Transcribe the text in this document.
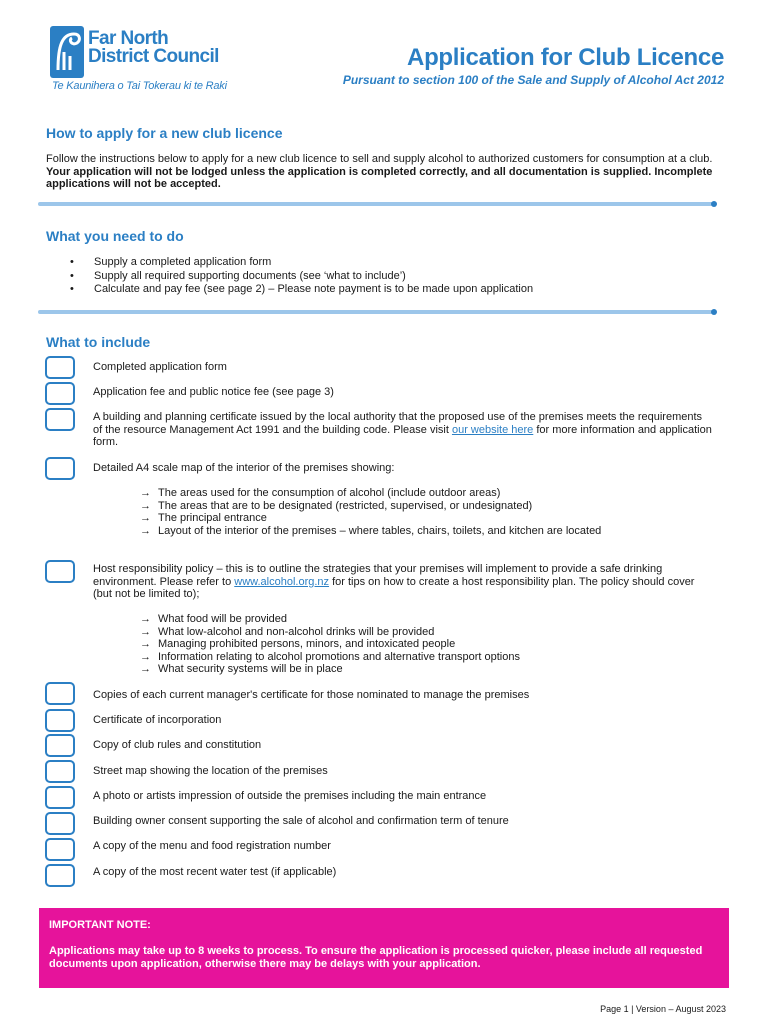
Far North
District Council
Te Kaunihera o Tai Tokerau ki te Raki
Application for Club Licence
Pursuant to section 100 of the Sale and Supply of Alcohol Act 2012
How to apply for a new club licence
Follow the instructions below to apply for a new club licence to sell and supply alcohol to authorized customers for consumption at a club. Your application will not be lodged unless the application is completed correctly, and all documentation is supplied. Incomplete applications will not be accepted.
What you need to do
• Supply a completed application form
• Supply all required supporting documents (see ‘what to include’)
• Calculate and pay fee (see page 2) – Please note payment is to be made upon application
What to include
Completed application form
Application fee and public notice fee (see page 3)
A building and planning certificate issued by the local authority that the proposed use of the premises meets the requirements of the resource Management Act 1991 and the building code. Please visit our website here for more information and application form.
Detailed A4 scale map of the interior of the premises showing:
→ The areas used for the consumption of alcohol (include outdoor areas)
→ The areas that are to be designated (restricted, supervised, or undesignated)
→ The principal entrance
→ Layout of the interior of the premises – where tables, chairs, toilets, and kitchen are located
Host responsibility policy – this is to outline the strategies that your premises will implement to provide a safe drinking environment. Please refer to www.alcohol.org.nz for tips on how to create a host responsibility plan. The policy should cover (but not be limited to);
→ What food will be provided
→ What low-alcohol and non-alcohol drinks will be provided
→ Managing prohibited persons, minors, and intoxicated people
→ Information relating to alcohol promotions and alternative transport options
→ What security systems will be in place
Copies of each current manager's certificate for those nominated to manage the premises
Certificate of incorporation
Copy of club rules and constitution
Street map showing the location of the premises
A photo or artists impression of outside the premises including the main entrance
Building owner consent supporting the sale of alcohol and confirmation term of tenure
A copy of the menu and food registration number
A copy of the most recent water test (if applicable)
IMPORTANT NOTE:
Applications may take up to 8 weeks to process. To ensure the application is processed quicker, please include all requested documents upon application, otherwise there may be delays with your application.
Page 1 | Version – August 2023
